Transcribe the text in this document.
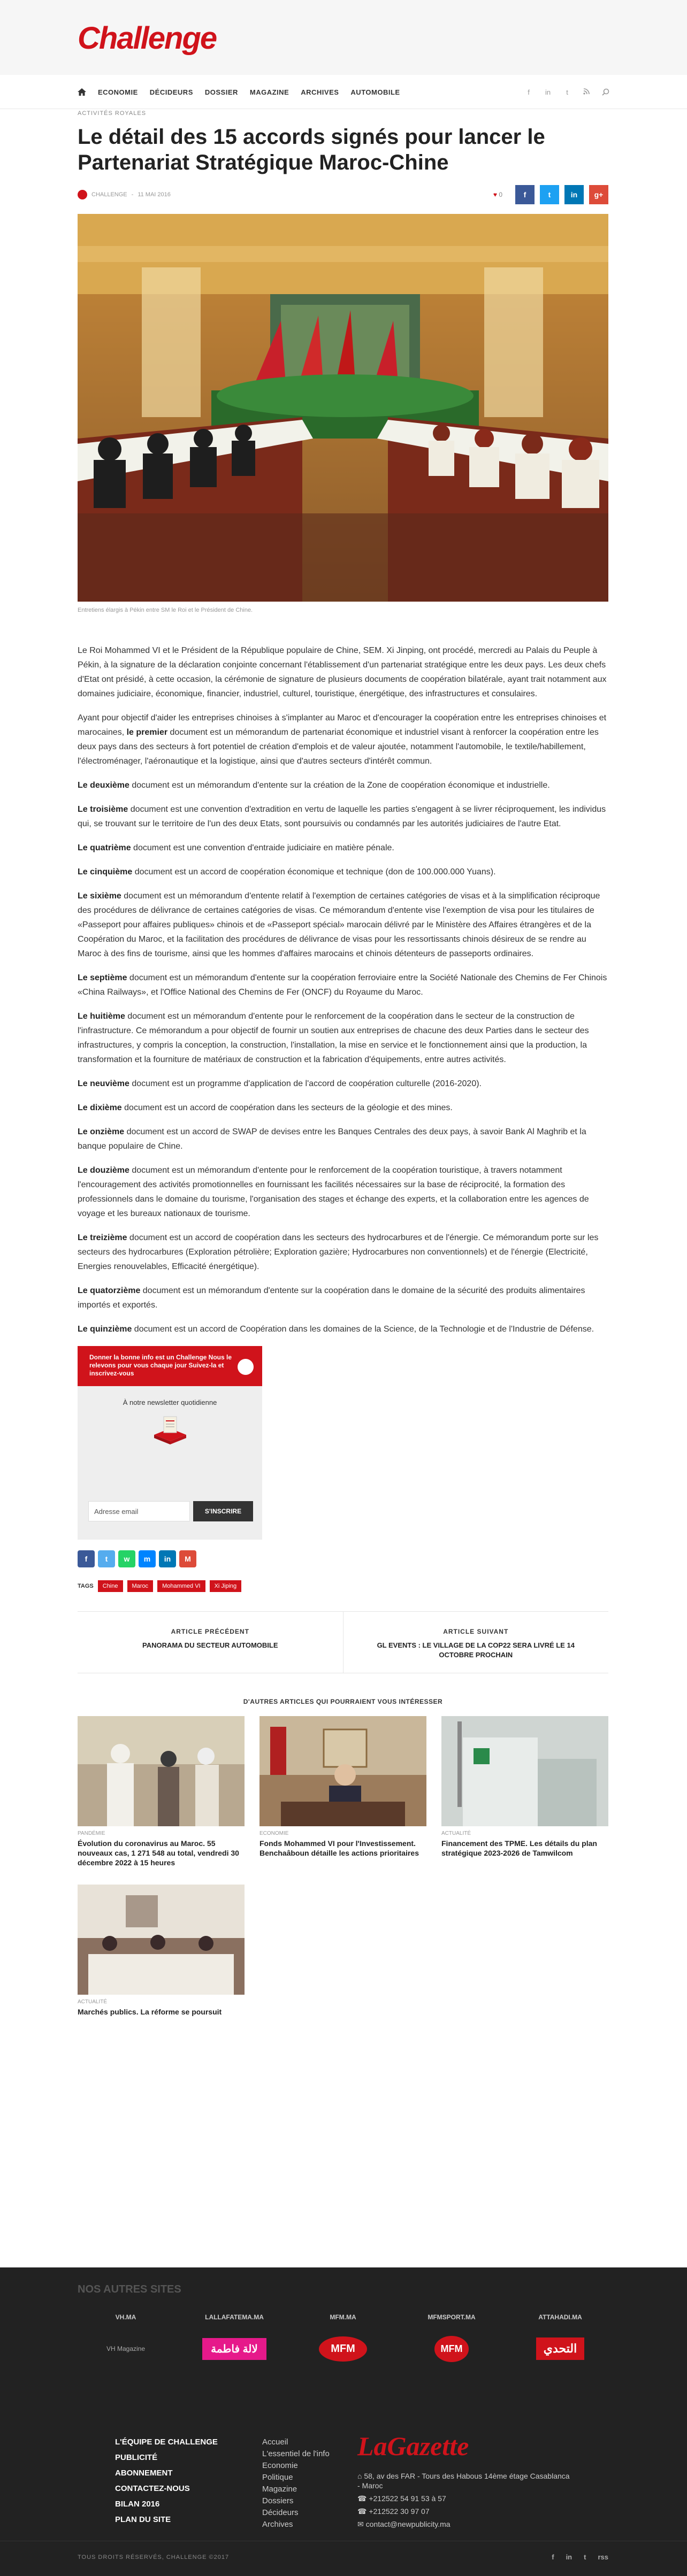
Challenge
ECONOMIE DÉCIDEURS DOSSIER MAGAZINE ARCHIVES AUTOMOBILE	f	in	t
ACTIVITÉS ROYALES
Le détail des 15 accords signés pour lancer le Partenariat Stratégique Maroc-Chine
CHALLENGE - 11 MAI 2016	♥ 0	f	t	in	g+
Entretiens élargis à Pékin entre SM le Roi et le Président de Chine.

Le Roi Mohammed VI et le Président de la République populaire de Chine, SEM. Xi Jinping, ont procédé, mercredi au Palais du Peuple à Pékin, à la signature de la déclaration conjointe concernant l'établissement d'un partenariat stratégique entre les deux pays. Les deux chefs d'Etat ont présidé, à cette occasion, la cérémonie de signature de plusieurs documents de coopération bilatérale, ayant trait notamment aux domaines judiciaire, économique, financier, industriel, culturel, touristique, énergétique, des infrastructures et consulaires.

Ayant pour objectif d'aider les entreprises chinoises à s'implanter au Maroc et d'encourager la coopération entre les entreprises chinoises et marocaines, le premier document est un mémorandum de partenariat économique et industriel visant à renforcer la coopération entre les deux pays dans des secteurs à fort potentiel de création d'emplois et de valeur ajoutée, notamment l'automobile, le textile/habillement, l'électroménager, l'aéronautique et la logistique, ainsi que d'autres secteurs d'intérêt commun.

Le deuxième document est un mémorandum d'entente sur la création de la Zone de coopération économique et industrielle.

Le troisième document est une convention d'extradition en vertu de laquelle les parties s'engagent à se livrer réciproquement, les individus qui, se trouvant sur le territoire de l'un des deux Etats, sont poursuivis ou condamnés par les autorités judiciaires de l'autre Etat.

Le quatrième document est une convention d'entraide judiciaire en matière pénale.

Le cinquième document est un accord de coopération économique et technique (don de 100.000.000 Yuans).

Le sixième document est un mémorandum d'entente relatif à l'exemption de certaines catégories de visas et à la simplification réciproque des procédures de délivrance de certaines catégories de visas. Ce mémorandum d'entente vise l'exemption de visa pour les titulaires de «Passeport pour affaires publiques» chinois et de «Passeport spécial» marocain délivré par le Ministère des Affaires étrangères et de la Coopération du Maroc, et la facilitation des procédures de délivrance de visas pour les ressortissants chinois désireux de se rendre au Maroc à des fins de tourisme, ainsi que les hommes d'affaires marocains et chinois détenteurs de passeports ordinaires.

Le septième document est un mémorandum d'entente sur la coopération ferroviaire entre la Société Nationale des Chemins de Fer Chinois «China Railways», et l'Office National des Chemins de Fer (ONCF) du Royaume du Maroc.

Le huitième document est un mémorandum d'entente pour le renforcement de la coopération dans le secteur de la construction de l'infrastructure. Ce mémorandum a pour objectif de fournir un soutien aux entreprises de chacune des deux Parties dans le secteur des infrastructures, y compris la conception, la construction, l'installation, la mise en service et le fonctionnement ainsi que la production, la transformation et la fourniture de matériaux de construction et la fabrication d'équipements, entre autres activités.

Le neuvième document est un programme d'application de l'accord de coopération culturelle (2016-2020).

Le dixième document est un accord de coopération dans les secteurs de la géologie et des mines.

Le onzième document est un accord de SWAP de devises entre les Banques Centrales des deux pays, à savoir Bank Al Maghrib et la banque populaire de Chine.

Le douzième document est un mémorandum d'entente pour le renforcement de la coopération touristique, à travers notamment l'encouragement des activités promotionnelles en fournissant les facilités nécessaires sur la base de réciprocité, la formation des professionnels dans le domaine du tourisme, l'organisation des stages et échange des experts, et la collaboration entre les agences de voyage et les bureaux nationaux de tourisme.

Le treizième document est un accord de coopération dans les secteurs des hydrocarbures et de l'énergie. Ce mémorandum porte sur les secteurs des hydrocarbures (Exploration pétrolière; Exploration gazière; Hydrocarbures non conventionnels) et de l'énergie (Electricité, Energies renouvelables, Efficacité énergétique).

Le quatorzième document est un mémorandum d'entente sur la coopération dans le domaine de la sécurité des produits alimentaires importés et exportés.

Le quinzième document est un accord de Coopération dans les domaines de la Science, de la Technologie et de l'Industrie de Défense.

Donner la bonne info est un Challenge Nous le relevons pour vous chaque jour Suivez-la et inscrivez-vous
À notre newsletter quotidienne
Adresse email	S'INSCRIRE
f	t	w	m	in	M
TAGS	Chine	Maroc	Mohammed VI	Xi Jiping
ARTICLE PRÉCÉDENT
PANORAMA DU SECTEUR AUTOMOBILE
ARTICLE SUIVANT
GL EVENTS : LE VILLAGE DE LA COP22 SERA LIVRÉ LE 14 OCTOBRE PROCHAIN
D'AUTRES ARTICLES QUI POURRAIENT VOUS INTÉRESSER
PANDÉMIE
Évolution du coronavirus au Maroc. 55 nouveaux cas, 1 271 548 au total, vendredi 30 décembre 2022 à 15 heures
ECONOMIE
Fonds Mohammed VI pour l'Investissement. Benchaâboun détaille les actions prioritaires
ACTUALITÉ
Financement des TPME. Les détails du plan stratégique 2023-2026 de Tamwilcom
ACTUALITÉ
Marchés publics. La réforme se poursuit
NOS AUTRES SITES
VH.MA
VH Magazine
LALLAFATEMA.MA
لالة فاطمة
MFM.MA
MFM
MFMSPORT.MA
MFM
ATTAHADI.MA
التحدي
L'ÉQUIPE DE CHALLENGE
PUBLICITÉ
ABONNEMENT
CONTACTEZ-NOUS
BILAN 2016
PLAN DU SITE
Accueil
L'essentiel de l'info
Economie
Politique
Magazine
Dossiers
Décideurs
Archives
LaGazette
⌂ 58, av des FAR - Tours des Habous 14ème étage Casablanca - Maroc
☎ +212522 54 91 53 à 57
☎ +212522 30 97 07
✉ contact@newpublicity.ma
TOUS DROITS RÉSERVÉS, CHALLENGE ©2017	f in t rss
